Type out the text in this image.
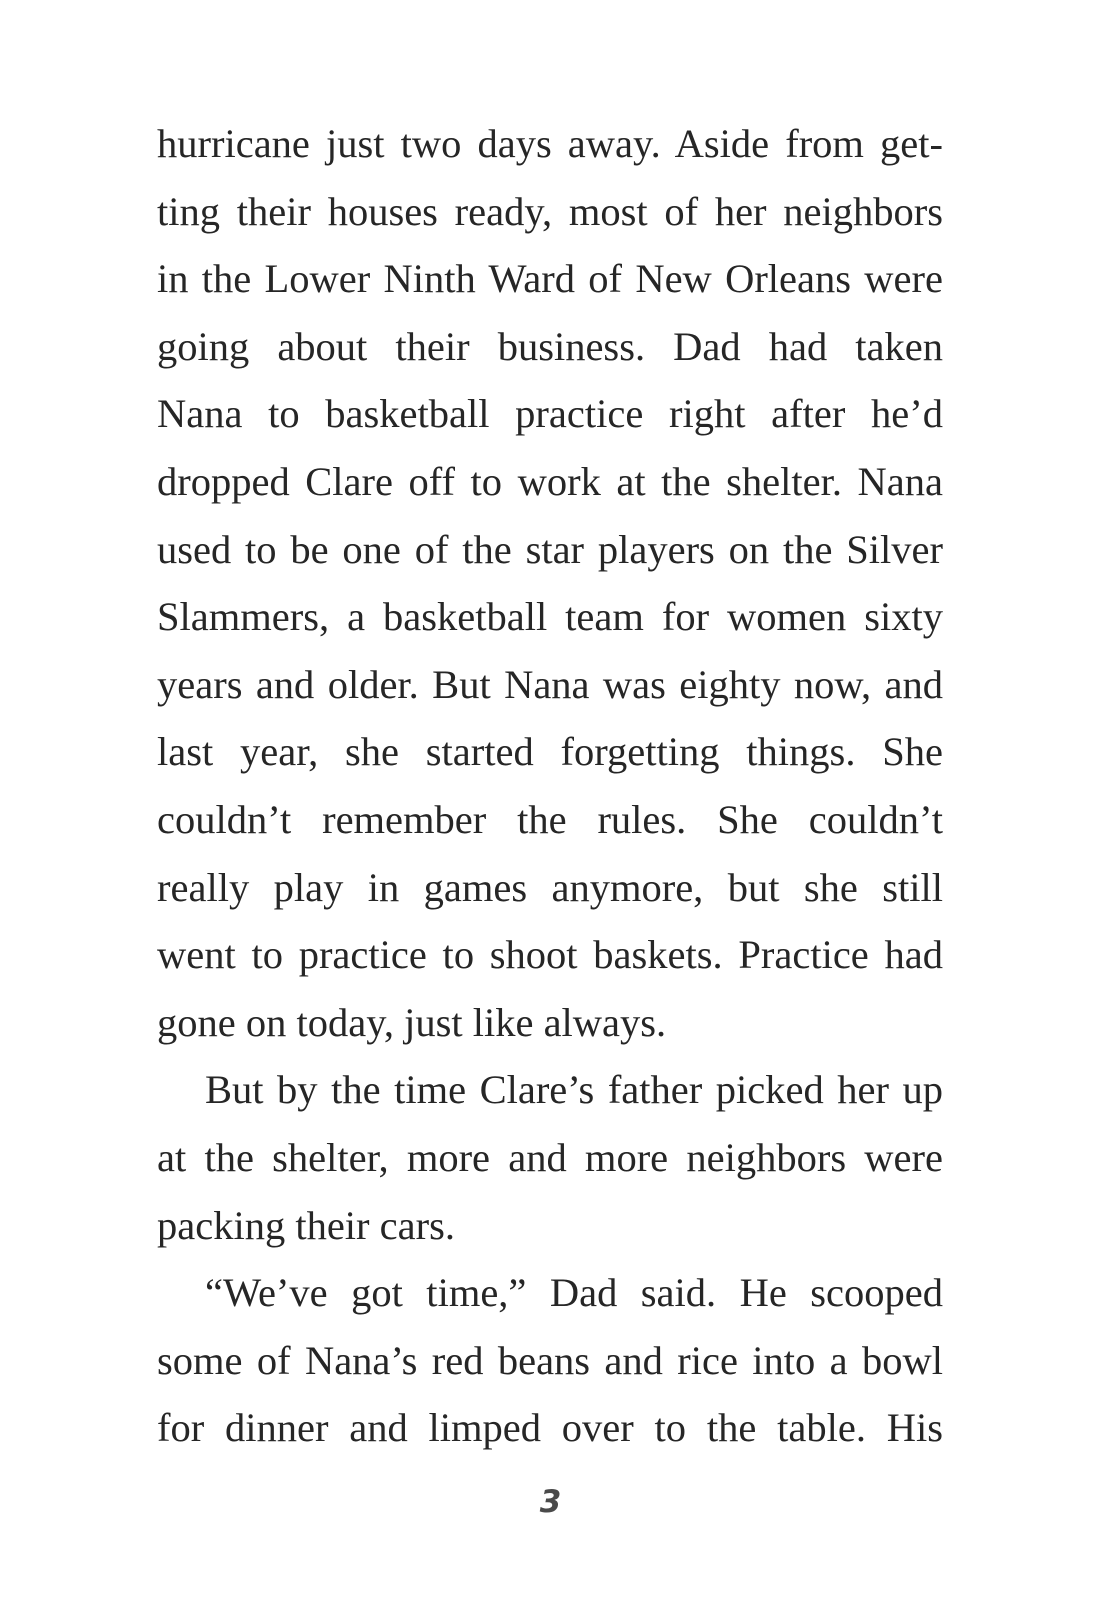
hurricane just two days away. Aside from get-
ting their houses ready, most of her neighbors
in the Lower Ninth Ward of New Orleans were
going about their business. Dad had taken
Nana to basketball practice right after he’d
dropped Clare off to work at the shelter. Nana
used to be one of the star players on the Silver
Slammers, a basketball team for women sixty
years and older. But Nana was eighty now, and
last year, she started forgetting things. She
couldn’t remember the rules. She couldn’t
really play in games anymore, but she still
went to practice to shoot baskets. Practice had
gone on today, just like always.
But by the time Clare’s father picked her up
at the shelter, more and more neighbors were
packing their cars.
“We’ve got time,” Dad said. He scooped
some of Nana’s red beans and rice into a bowl
for dinner and limped over to the table. His
3
